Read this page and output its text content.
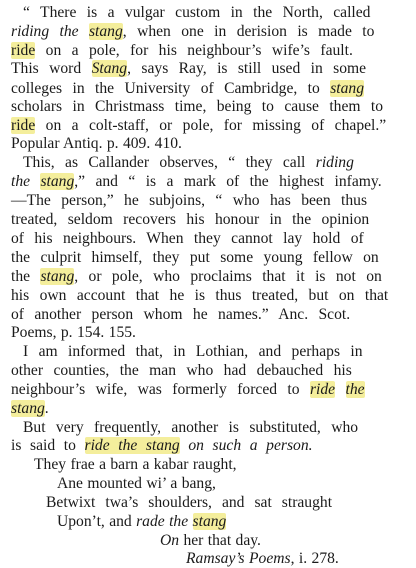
“ There is a vulgar custom in the North, called
riding the stang, when one in derision is made to
ride on a pole, for his neighbour’s wife’s fault.
This word Stang, says Ray, is still used in some
colleges in the University of Cambridge, to stang
scholars in Christmass time, being to cause them to
ride on a colt-staff, or pole, for missing of chapel.”
Popular Antiq. p. 409. 410.
This, as Callander observes, “ they call riding
the stang,” and “ is a mark of the highest infamy.
—The person,” he subjoins, “ who has been thus
treated, seldom recovers his honour in the opinion
of his neighbours. When they cannot lay hold of
the culprit himself, they put some young fellow on
the stang, or pole, who proclaims that it is not on
his own account that he is thus treated, but on that
of another person whom he names.” Anc. Scot.
Poems, p. 154. 155.
I am informed that, in Lothian, and perhaps in
other counties, the man who had debauched his
neighbour’s wife, was formerly forced to ride the
stang.
But very frequently, another is substituted, who
is said to ride the stang on such a person.
They frae a barn a kabar raught,
Ane mounted wi’ a bang,
Betwixt twa’s shoulders, and sat straught
Upon’t, and rade the stang
On her that day.
Ramsay’s Poems, i. 278.
